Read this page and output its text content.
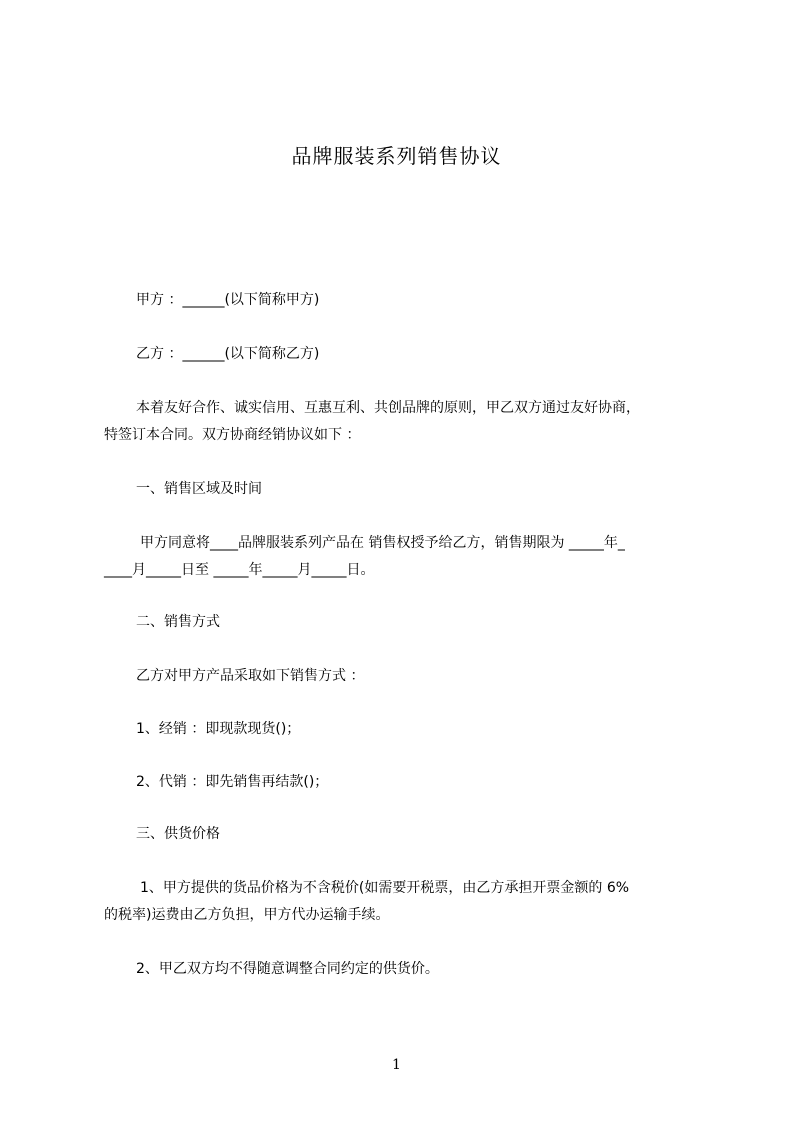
品牌服装系列销售协议
甲方 ：______(以下简称甲方)
乙方 ：______(以下简称乙方)
本着友好合作、诚实信用、互惠互利、共创品牌的原则，甲乙双方通过友好协商，
特签订本合同。双方协商经销协议如下 ：
一、销售区域及时间
甲方同意将____品牌服装系列产品在 销售权授予给乙方，销售期限为 _____年_
____月_____日至 _____年_____月_____日。
二、销售方式
乙方对甲方产品采取如下销售方式 ：
1、经销 ：即现款现货()；
2、代销 ：即先销售再结款()；
三、供货价格
1、甲方提供的货品价格为不含税价(如需要开税票，由乙方承担开票金额的 6%
的税率)运费由乙方负担，甲方代办运输手续。
2、甲乙双方均不得随意调整合同约定的供货价。
1
